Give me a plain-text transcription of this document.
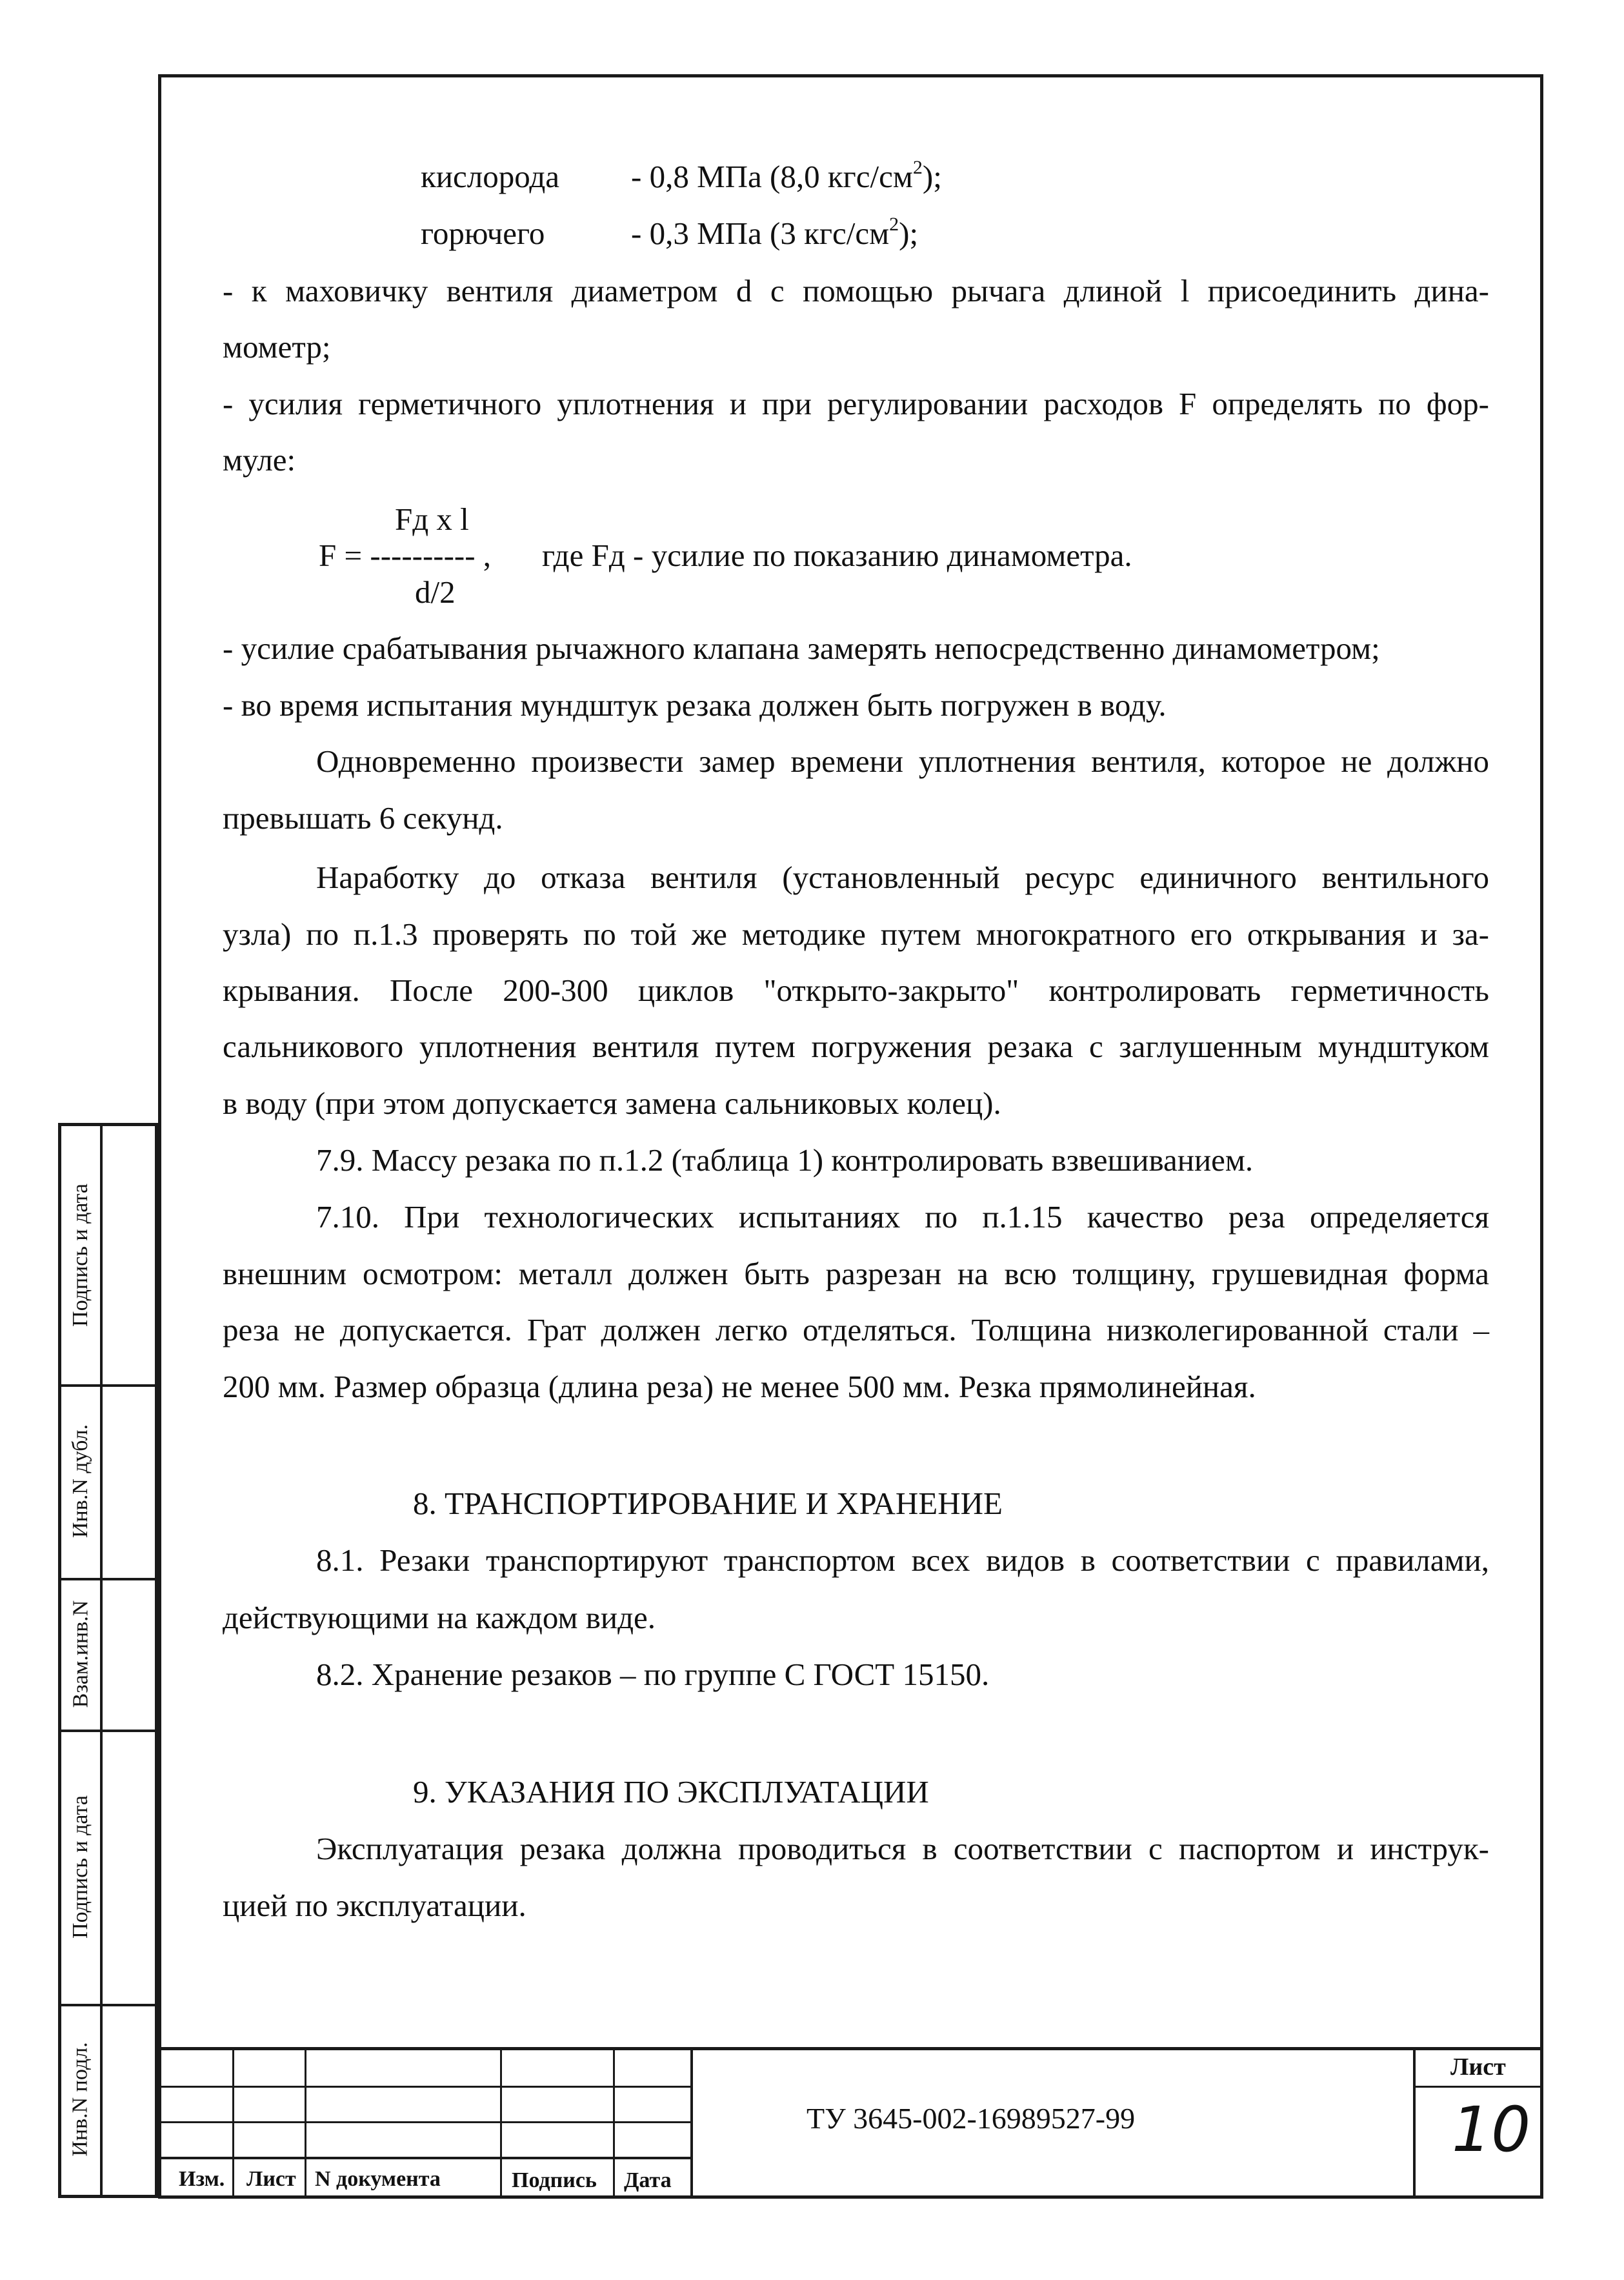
кислорода - 0,8 МПа (8,0 кгс/$см^2$);
горючего	- 0,3 МПа (3 кгс/$см^2$);
- к маховичку вентиля диаметром d с помощью рычага длиной l присоединить дина-
мометр;
- усилия герметичного уплотнения и при регулировании расходов F определять по фор-
муле:
Fд x l
F = ---------- , где Fд - усилие по показанию динамометра.
d/2
- усилие срабатывания рычажного клапана замерять непосредственно динамометром;
- во время испытания мундштук резака должен быть погружен в воду.
Одновременно произвести замер времени уплотнения вентиля, которое не должно
превышать 6 секунд.
Наработку до отказа вентиля (установленный ресурс единичного вентильного
узла) по п.1.3 проверять по той же методике путем многократного его открывания и за-
крывания. После 200-300 циклов "открыто-закрыто" контролировать герметичность
сальникового уплотнения вентиля путем погружения резака с заглушенным мундштуком
в воду (при этом допускается замена сальниковых колец).
7.9. Массу резака по п.1.2 (таблица 1) контролировать взвешиванием.
7.10. При технологических испытаниях по п.1.15 качество реза определяется
внешним осмотром: металл должен быть разрезан на всю толщину, грушевидная форма
реза не допускается. Грат должен легко отделяться. Толщина низколегированной стали –
200 мм. Размер образца (длина реза) не менее 500 мм. Резка прямолинейная.
8. ТРАНСПОРТИРОВАНИЕ И ХРАНЕНИЕ
8.1. Резаки транспортируют транспортом всех видов в соответствии с правилами,
действующими на каждом виде.
8.2. Хранение резаков – по группе С ГОСТ 15150.
9. УКАЗАНИЯ ПО ЭКСПЛУАТАЦИИ
Эксплуатация резака должна проводиться в соответствии с паспортом и инструк-
цией по эксплуатации.
Подпись и дата
Инв.N дубл.
Взам.инв.N
Подпись и дата
Инв.N подл.
Изм. Лист N документа	Подпись Дата
ТУ 3645-002-16989527-99
Лист
10
